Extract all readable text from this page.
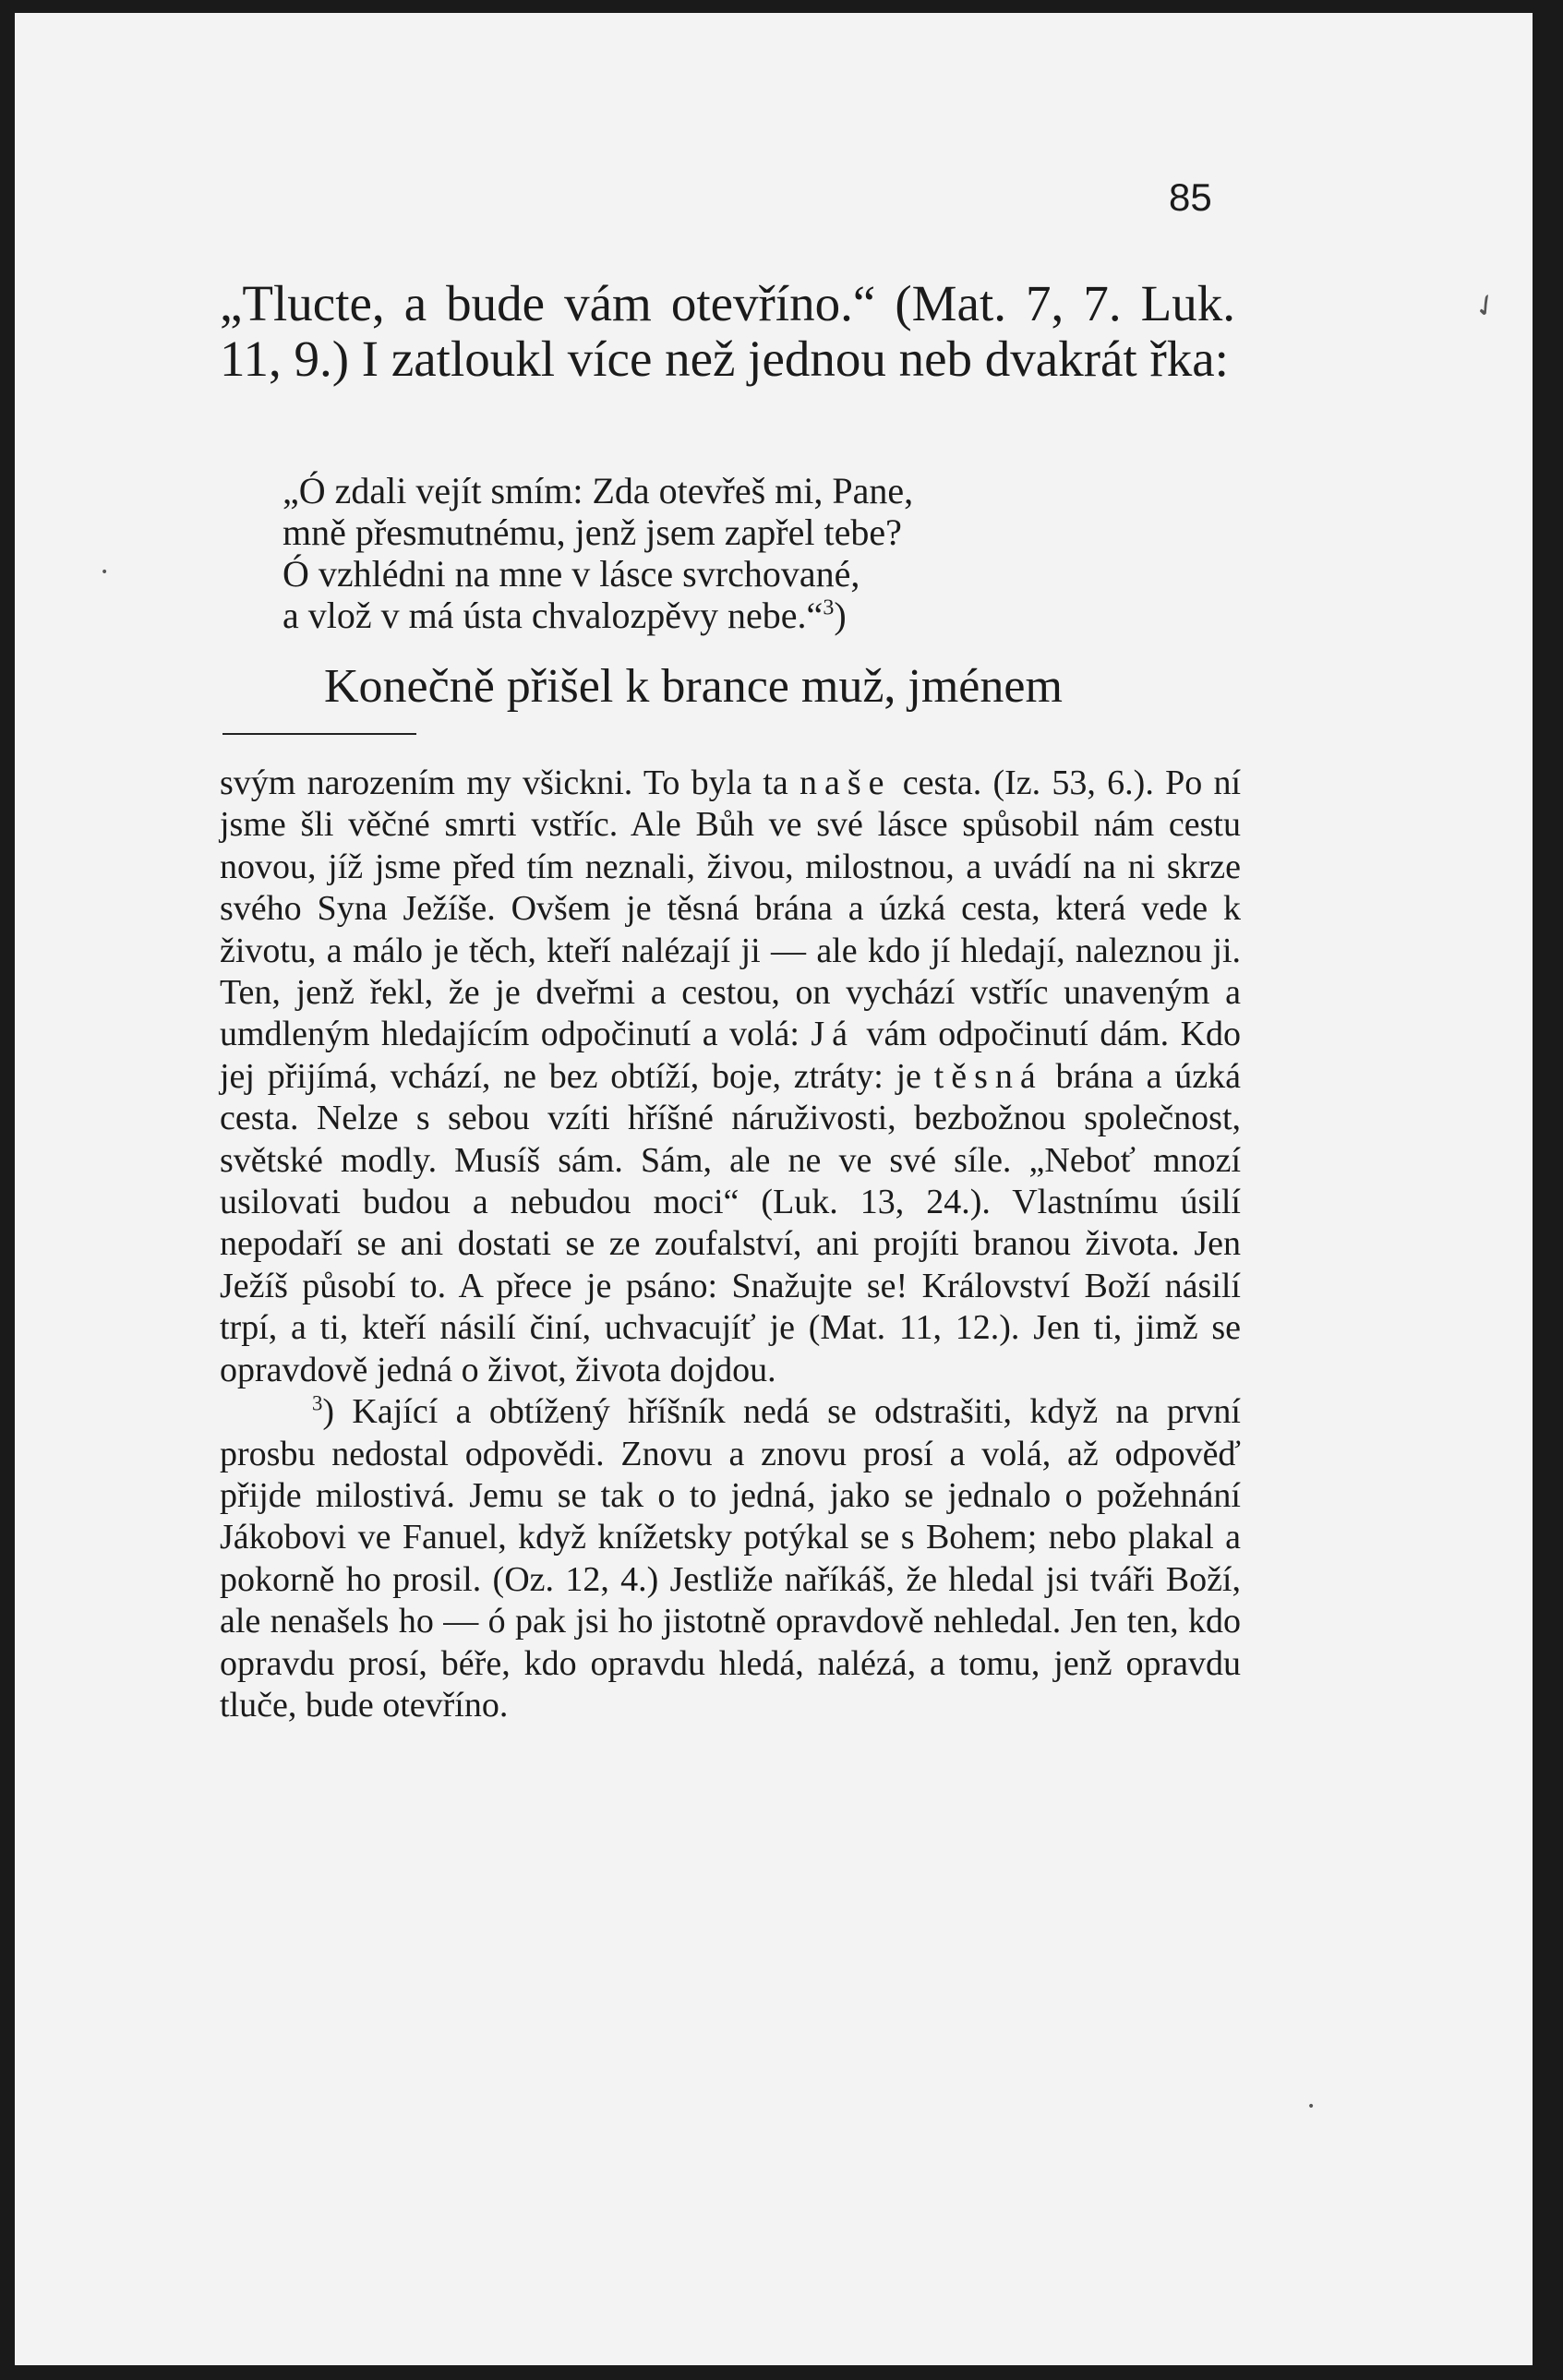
85

„Tlucte, a bude vám otevříno.“ (Mat. 7, 7. Luk. 11, 9.) I zatloukl více než jednou neb dvakrát řka:

„Ó zdali vejít smím: Zda otevřeš mi, Pane,
mně přesmutnému, jenž jsem zapřel tebe?
Ó vzhlédni na mne v lásce svrchované,
a vlož v má ústa chvalozpěvy nebe.“$^3$)
Konečně přišel k brance muž, jménem

svým narozením my všickni. To byla ta naše cesta. (Iz. 53, 6.). Po ní jsme šli věčné smrti vstříc. Ale Bůh ve své lásce spůsobil nám cestu novou, jíž jsme před tím neznali, živou, milostnou, a uvádí na ni skrze svého Syna Ježíše. Ovšem je těsná brána a úzká cesta, která vede k životu, a málo je těch, kteří nalézají ji — ale kdo jí hledají, naleznou ji. Ten, jenž řekl, že je dveřmi a cestou, on vychází vstříc unaveným a umdleným hledajícím odpočinutí a volá: Já vám odpočinutí dám. Kdo jej přijímá, vchází, ne bez obtíží, boje, ztráty: je těsná brána a úzká cesta. Nelze s sebou vzíti hříšné náruživosti, bezbožnou společnost, světské modly. Musíš sám. Sám, ale ne ve své síle. „Neboť mnozí usilovati budou a nebudou moci“ (Luk. 13, 24.). Vlastnímu úsilí nepodaří se ani dostati se ze zoufalství, ani projíti branou života. Jen Ježíš působí to. A přece je psáno: Snažujte se! Království Boží násilí trpí, a ti, kteří násilí činí, uchvacujíť je (Mat. 11, 12.). Jen ti, jimž se opravdově jedná o život, života dojdou.

$^3$) Kající a obtížený hříšník nedá se odstrašiti, když na první prosbu nedostal odpovědi. Znovu a znovu prosí a volá, až odpověď přijde milostivá. Jemu se tak o to jedná, jako se jednalo o požehnání Jákobovi ve Fanuel, když knížetsky potýkal se s Bohem; nebo plakal a pokorně ho prosil. (Oz. 12, 4.) Jestliže naříkáš, že hledal jsi tváři Boží, ale nenašels ho — ó pak jsi ho jistotně opravdově nehledal. Jen ten, kdo opravdu prosí, béře, kdo opravdu hledá, nalézá, a tomu, jenž opravdu tluče, bude otevříno.

✓
•
•
